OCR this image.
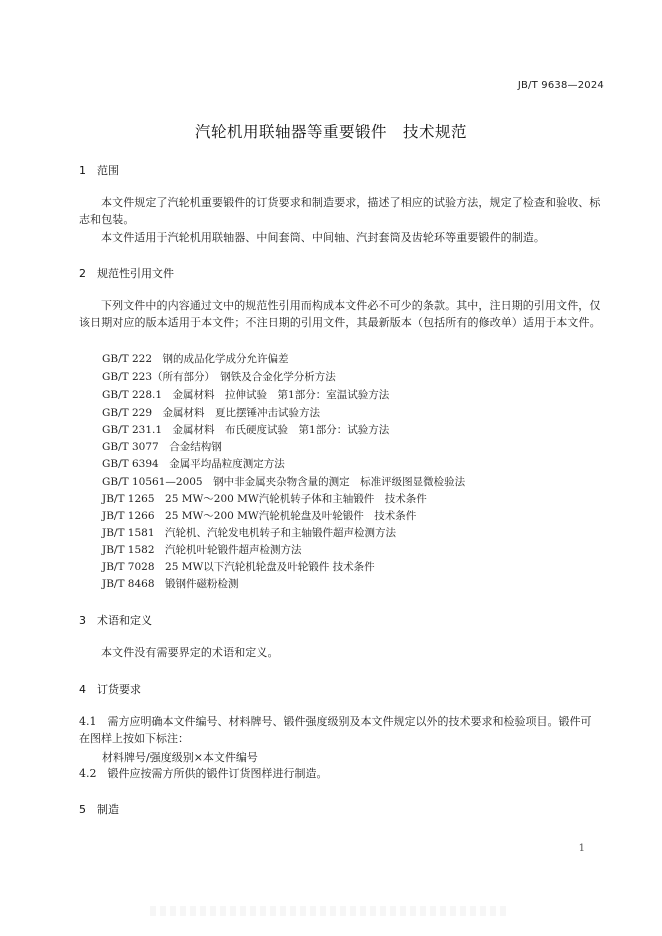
JB/T 9638—2024
汽轮机用联轴器等重要锻件　技术规范
1 范围
本文件规定了汽轮机重要锻件的订货要求和制造要求，描述了相应的试验方法，规定了检查和验收、标志和包装。
本文件适用于汽轮机用联轴器、中间套筒、中间轴、汽封套筒及齿轮环等重要锻件的制造。
2 规范性引用文件
下列文件中的内容通过文中的规范性引用而构成本文件必不可少的条款。其中，注日期的引用文件，仅该日期对应的版本适用于本文件；不注日期的引用文件，其最新版本（包括所有的修改单）适用于本文件。
GB/T 222　钢的成品化学成分允许偏差
GB/T 223（所有部分）　钢铁及合金化学分析方法
GB/T 228.1　金属材料　拉伸试验　第1部分：室温试验方法
GB/T 229　金属材料　夏比摆锤冲击试验方法
GB/T 231.1　金属材料　布氏硬度试验　第1部分：试验方法
GB/T 3077　合金结构钢
GB/T 6394　金属平均晶粒度测定方法
GB/T 10561—2005　钢中非金属夹杂物含量的测定　标准评级图显微检验法
JB/T 1265　25 MW～200 MW汽轮机转子体和主轴锻件　技术条件
JB/T 1266　25 MW～200 MW汽轮机轮盘及叶轮锻件　技术条件
JB/T 1581　汽轮机、汽轮发电机转子和主轴锻件超声检测方法
JB/T 1582　汽轮机叶轮锻件超声检测方法
JB/T 7028　25 MW以下汽轮机轮盘及叶轮锻件 技术条件
JB/T 8468　锻钢件磁粉检测
3 术语和定义
本文件没有需要界定的术语和定义。
4 订货要求
4.1　需方应明确本文件编号、材料牌号、锻件强度级别及本文件规定以外的技术要求和检验项目。锻件可在图样上按如下标注：
材料牌号/强度级别×本文件编号
4.2　锻件应按需方所供的锻件订货图样进行制造。
5 制造
1
